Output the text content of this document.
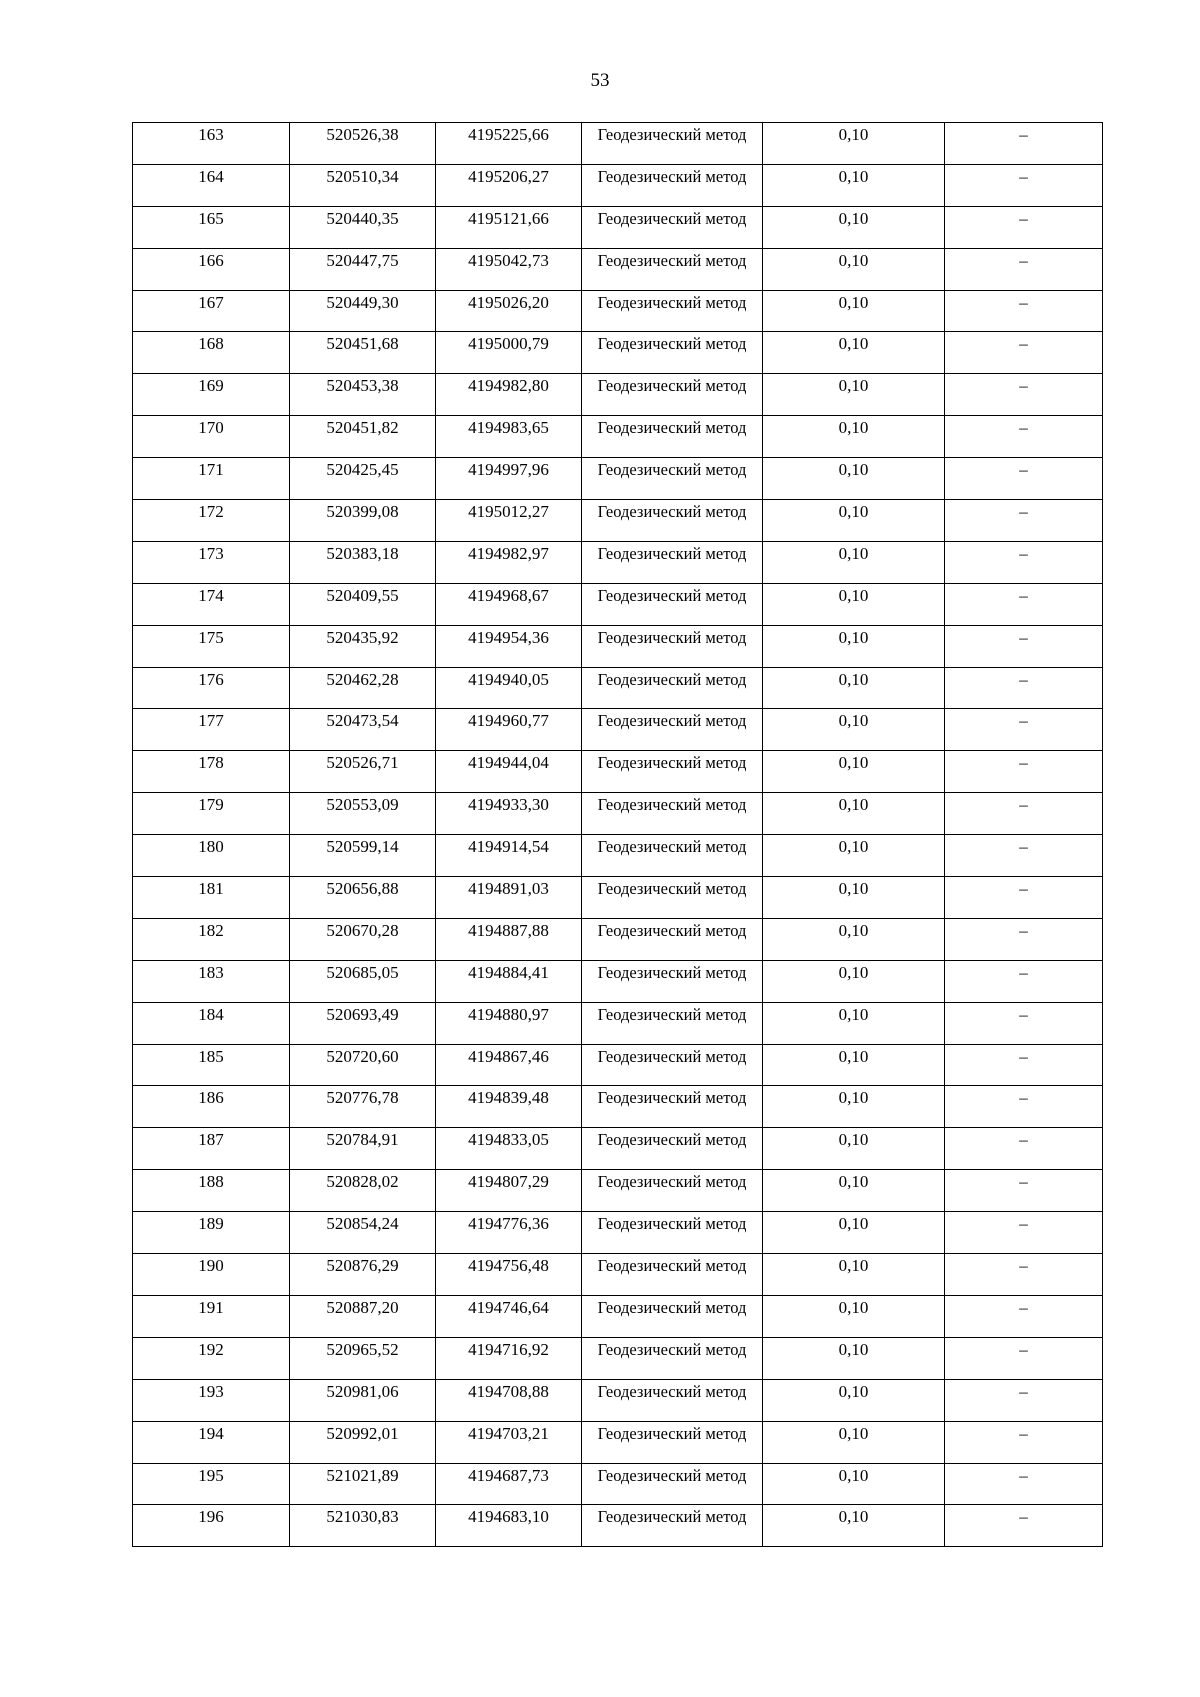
53
163	520526,38	4195225,66	Геодезический метод	0,10	–
164	520510,34	4195206,27	Геодезический метод	0,10	–
165	520440,35	4195121,66	Геодезический метод	0,10	–
166	520447,75	4195042,73	Геодезический метод	0,10	–
167	520449,30	4195026,20	Геодезический метод	0,10	–
168	520451,68	4195000,79	Геодезический метод	0,10	–
169	520453,38	4194982,80	Геодезический метод	0,10	–
170	520451,82	4194983,65	Геодезический метод	0,10	–
171	520425,45	4194997,96	Геодезический метод	0,10	–
172	520399,08	4195012,27	Геодезический метод	0,10	–
173	520383,18	4194982,97	Геодезический метод	0,10	–
174	520409,55	4194968,67	Геодезический метод	0,10	–
175	520435,92	4194954,36	Геодезический метод	0,10	–
176	520462,28	4194940,05	Геодезический метод	0,10	–
177	520473,54	4194960,77	Геодезический метод	0,10	–
178	520526,71	4194944,04	Геодезический метод	0,10	–
179	520553,09	4194933,30	Геодезический метод	0,10	–
180	520599,14	4194914,54	Геодезический метод	0,10	–
181	520656,88	4194891,03	Геодезический метод	0,10	–
182	520670,28	4194887,88	Геодезический метод	0,10	–
183	520685,05	4194884,41	Геодезический метод	0,10	–
184	520693,49	4194880,97	Геодезический метод	0,10	–
185	520720,60	4194867,46	Геодезический метод	0,10	–
186	520776,78	4194839,48	Геодезический метод	0,10	–
187	520784,91	4194833,05	Геодезический метод	0,10	–
188	520828,02	4194807,29	Геодезический метод	0,10	–
189	520854,24	4194776,36	Геодезический метод	0,10	–
190	520876,29	4194756,48	Геодезический метод	0,10	–
191	520887,20	4194746,64	Геодезический метод	0,10	–
192	520965,52	4194716,92	Геодезический метод	0,10	–
193	520981,06	4194708,88	Геодезический метод	0,10	–
194	520992,01	4194703,21	Геодезический метод	0,10	–
195	521021,89	4194687,73	Геодезический метод	0,10	–
196	521030,83	4194683,10	Геодезический метод	0,10	–
